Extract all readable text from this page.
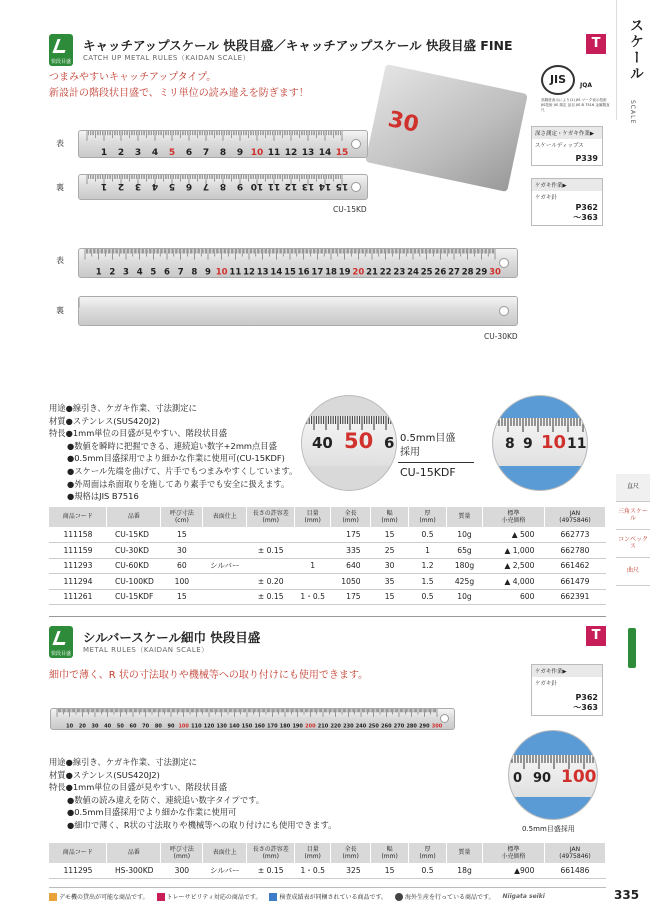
スケール
SCALE
直尺
三角スケール
コンベックス
曲尺
快段目盛
キャッチアップスケール 快段目盛／キャッチアップスケール 快段目盛 FINE
CATCH UP METAL RULES（KAIDAN SCALE）
T
つまみやすいキャッチアップタイプ。
新設計の階段状目盛で、ミリ単位の読み違えを防ぎます！
30
JIS	JQA
高精度表示により(1) JIS マーク表示技術 JIS技術 JIS 規定 品目 JIS B 7516 金属製直尺
深さ測定・ケガキ作業▶
スケールディップス
P339
ケガキ作業▶
ケガキ針
P362
〜363
表
裏
1 2 3 4 5 6 7 8 9 10 11 12 13 14 15
1 2 3 4 5 6 7 8 9 10 11 12 13 14 15
CU-15KD
表
裏
1 2 3 4 5 6 7 8 9 10 11 12 13 14 15 16 17 18 19 20 21 22 23 24 25 26 27 28 29 30
CU-30KD
用途●線引き、ケガキ作業、寸法測定に
材質●ステンレス(SUS420J2)
特長●1mm単位の目盛が見やすい、階段状目盛
●数値を瞬時に把握できる、連続追い数字+2mm点目盛
●0.5mm目盛採用でより細かな作業に使用可(CU-15KDF)
●スケール先端を曲げて、片手でもつまみやすくしています。
●外周面は糸面取りを施してあり素手でも安全に扱えます。
●規格はJIS B7516
40 50 6 0.5mm目盛
採用
CU-15KDF
8 9 10 11
商品コード	品番	呼び寸法
(cm)	表面仕上	長さの許容差
(mm)	目量
(mm)	全長
(mm)	幅
(mm)	厚
(mm)	質量	標準
小売価格	JAN
(4975846)
111158	CU-15KD	15				175	15	0.5	10g	▲ 500	662773
111159	CU-30KD	30		± 0.15		335	25	1	65g	▲ 1,000	662780
111293	CU-60KD	60	シルバー		1	640	30	1.2	180g	▲ 2,500	661462
111294	CU-100KD	100		± 0.20		1050	35	1.5	425g	▲ 4,000	661479
111261	CU-15KDF	15		± 0.15	1・0.5	175	15	0.5	10g	600	662391
快段目盛
シルバースケール細巾 快段目盛
METAL RULES（KAIDAN SCALE）
T
細巾で薄く、R 状の寸法取りや機械等への取り付けにも使用できます。	ケガキ作業▶
ケガキ針
P362
〜363
10 20 30 40 50 60 70 80 90 100 110 120 130 140 150 160 170 180 190 200 210 220 230 240 250 260 270 280 290 300
用途●線引き、ケガキ作業、寸法測定に
材質●ステンレス(SUS420J2)
特長●1mm単位の目盛が見やすい、階段状目盛
●数値の読み違えを防ぐ、連続追い数字タイプです。
●0.5mm目盛採用でより細かな作業に使用可
●細巾で薄く、R状の寸法取りや機械等への取り付けにも使用できます。
0 90 100
0.5mm目盛採用
商品コード	品番	呼び寸法
(mm)	表面仕上	長さの許容差
(mm)	目量
(mm)	全長
(mm)	幅
(mm)	厚
(mm)	質量	標準
小売価格	JAN
(4975846)
111295	HS-300KD	300	シルバー	± 0.15	1・0.5	325	15	0.5	18g	▲900	661486
デモ機の貸出が可能な商品です。	トレーサビリティ対応の商品です。	検査成績表が同梱されている商品です。	海外生産を行っている商品です。 Niigata seiki	335
